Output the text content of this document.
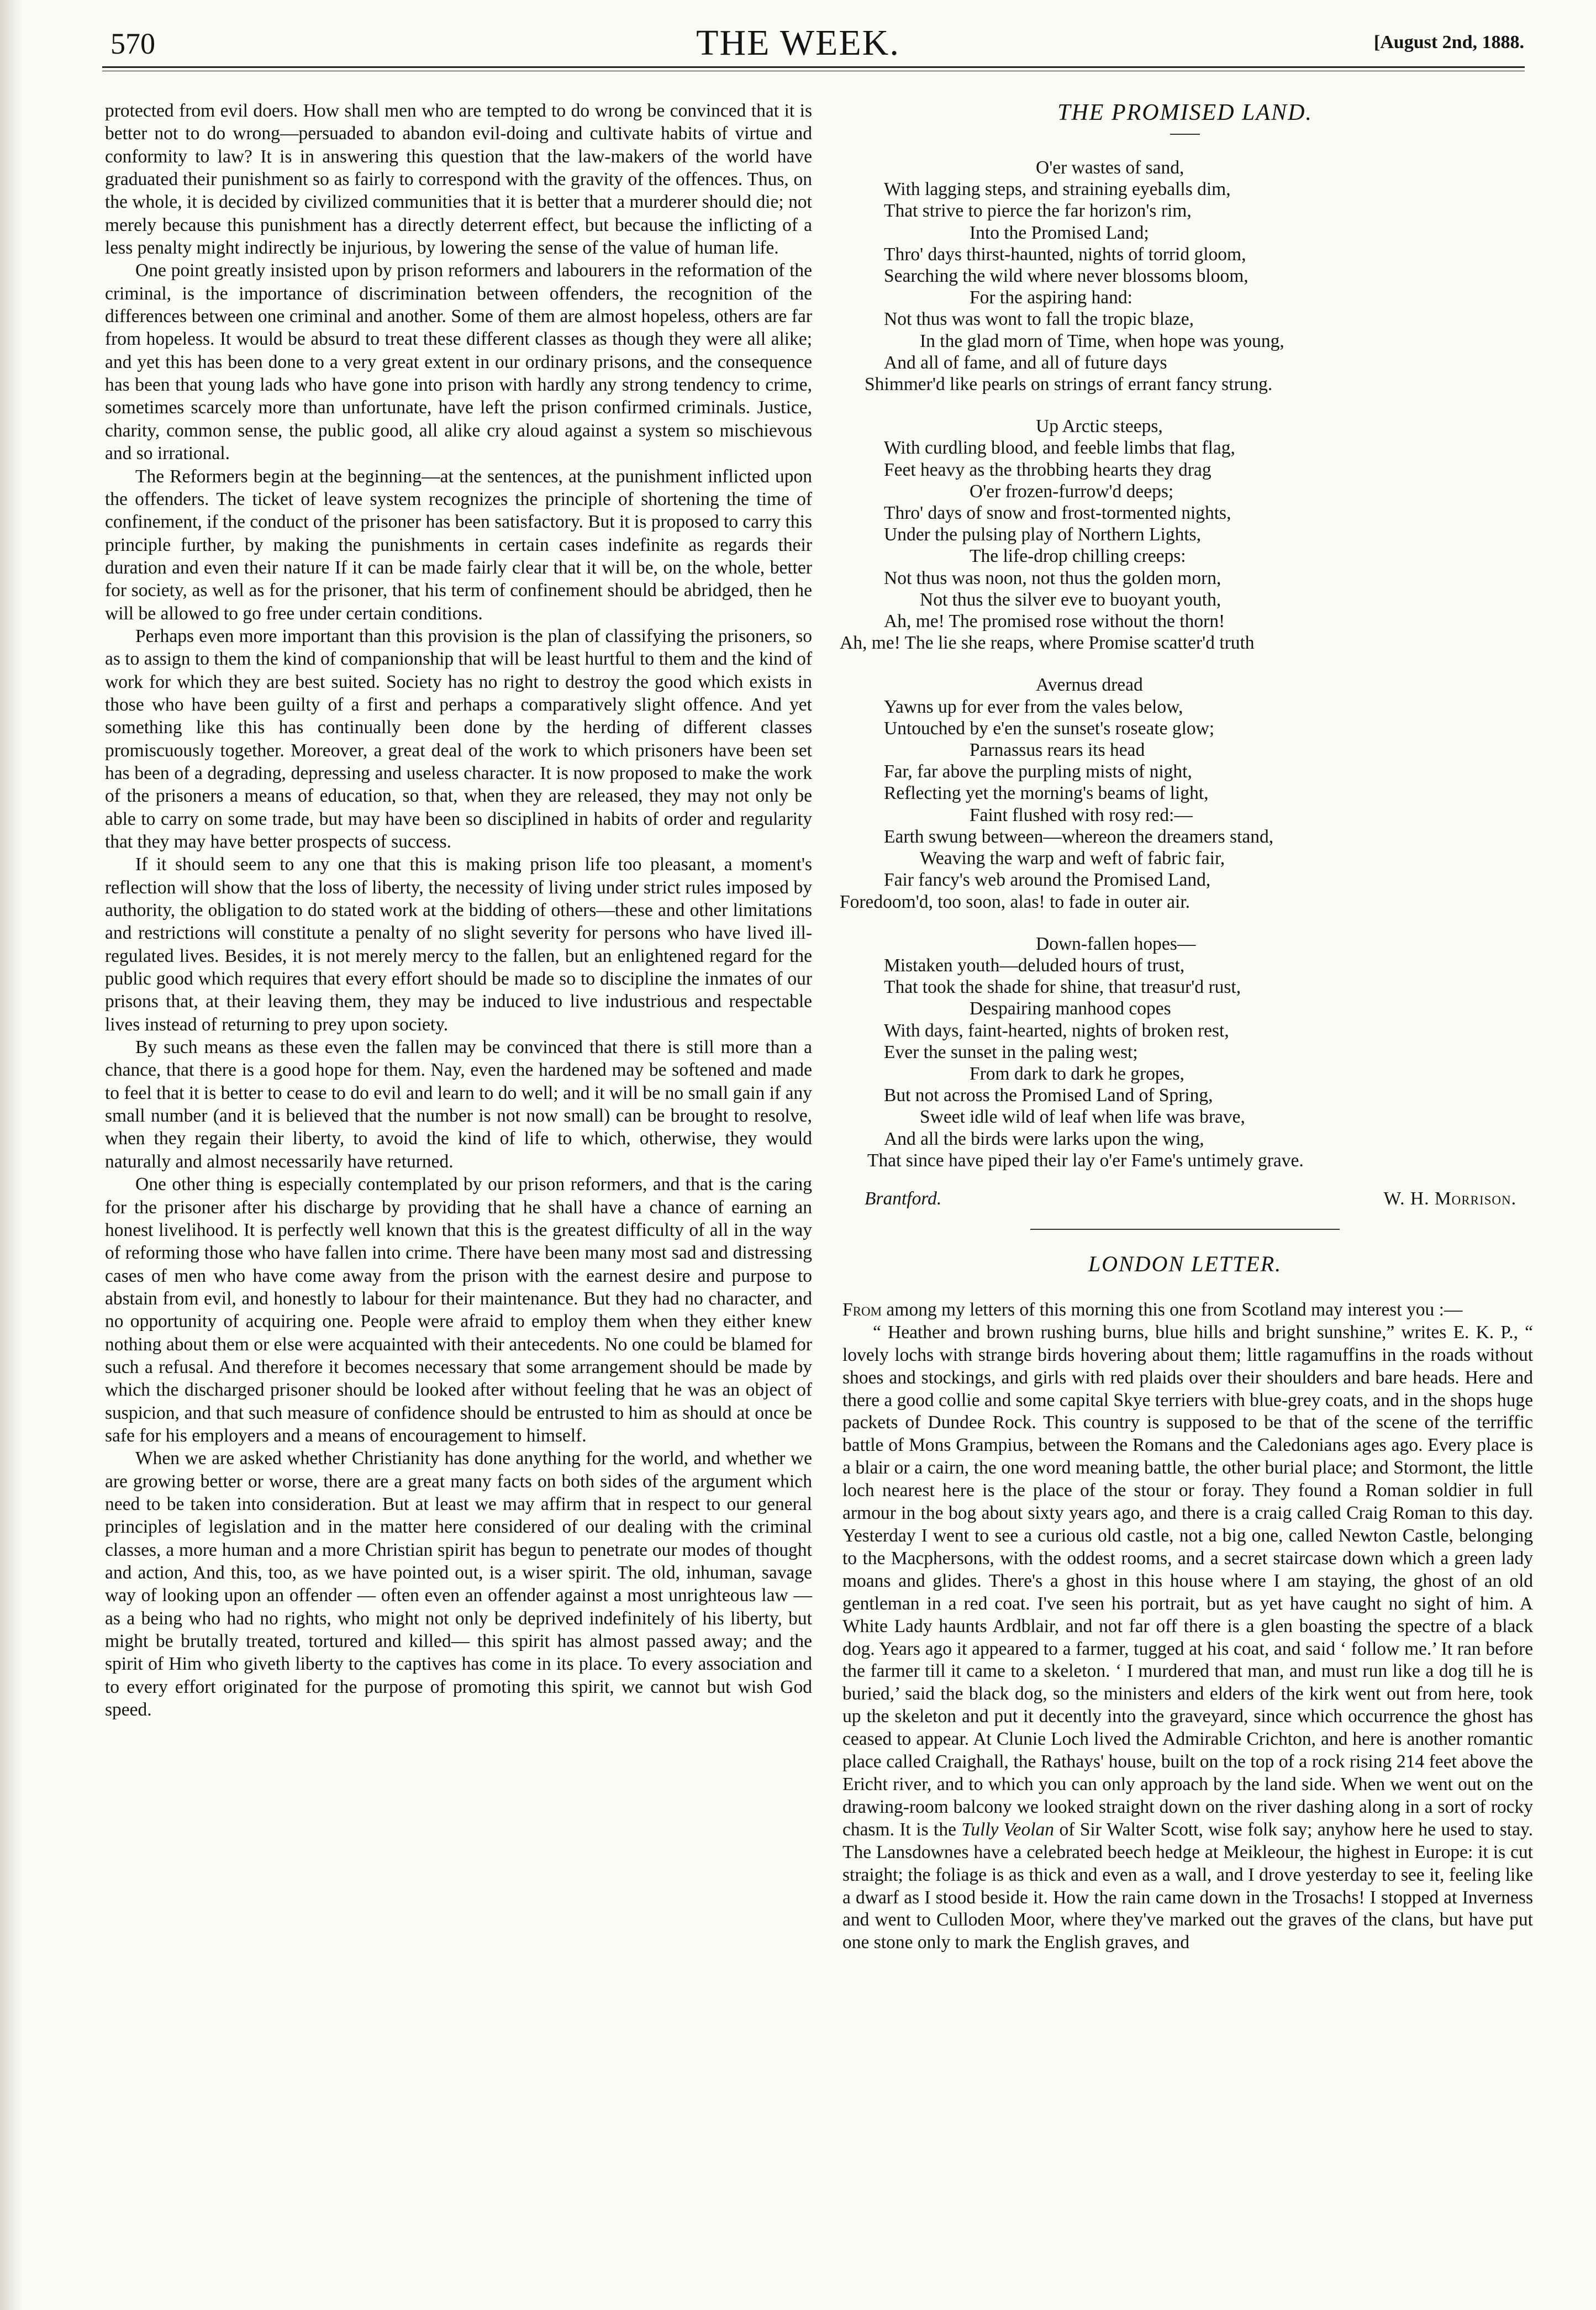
570	THE WEEK.	[August 2nd, 1888.

protected from evil doers. How shall men who are tempted to do wrong be convinced that it is better not to do wrong—persuaded to abandon evil-doing and cultivate habits of virtue and conformity to law? It is in answering this question that the law-makers of the world have graduated their punishment so as fairly to correspond with the gravity of the offences. Thus, on the whole, it is decided by civilized communities that it is better that a murderer should die; not merely because this punishment has a directly deterrent effect, but because the inflicting of a less penalty might indirectly be injurious, by lowering the sense of the value of human life.

One point greatly insisted upon by prison reformers and labourers in the reformation of the criminal, is the importance of discrimination between offenders, the recognition of the differences between one criminal and another. Some of them are almost hopeless, others are far from hopeless. It would be absurd to treat these different classes as though they were all alike; and yet this has been done to a very great extent in our ordinary prisons, and the consequence has been that young lads who have gone into prison with hardly any strong tendency to crime, sometimes scarcely more than unfortunate, have left the prison confirmed criminals. Justice, charity, common sense, the public good, all alike cry aloud against a system so mischievous and so irrational.

The Reformers begin at the beginning—at the sentences, at the punishment inflicted upon the offenders. The ticket of leave system recognizes the principle of shortening the time of confinement, if the conduct of the prisoner has been satisfactory. But it is proposed to carry this principle further, by making the punishments in certain cases indefinite as regards their duration and even their nature If it can be made fairly clear that it will be, on the whole, better for society, as well as for the prisoner, that his term of confinement should be abridged, then he will be allowed to go free under certain conditions.

Perhaps even more important than this provision is the plan of classifying the prisoners, so as to assign to them the kind of companionship that will be least hurtful to them and the kind of work for which they are best suited. Society has no right to destroy the good which exists in those who have been guilty of a first and perhaps a comparatively slight offence. And yet something like this has continually been done by the herding of different classes promiscuously together. Moreover, a great deal of the work to which prisoners have been set has been of a degrading, depressing and useless character. It is now proposed to make the work of the prisoners a means of education, so that, when they are released, they may not only be able to carry on some trade, but may have been so disciplined in habits of order and regularity that they may have better prospects of success.

If it should seem to any one that this is making prison life too pleasant, a moment's reflection will show that the loss of liberty, the necessity of living under strict rules imposed by authority, the obligation to do stated work at the bidding of others—these and other limitations and restrictions will constitute a penalty of no slight severity for persons who have lived ill-regulated lives. Besides, it is not merely mercy to the fallen, but an enlightened regard for the public good which requires that every effort should be made so to discipline the inmates of our prisons that, at their leaving them, they may be induced to live industrious and respectable lives instead of returning to prey upon society.

By such means as these even the fallen may be convinced that there is still more than a chance, that there is a good hope for them. Nay, even the hardened may be softened and made to feel that it is better to cease to do evil and learn to do well; and it will be no small gain if any small number (and it is believed that the number is not now small) can be brought to resolve, when they regain their liberty, to avoid the kind of life to which, otherwise, they would naturally and almost necessarily have returned.

One other thing is especially contemplated by our prison reformers, and that is the caring for the prisoner after his discharge by providing that he shall have a chance of earning an honest livelihood. It is perfectly well known that this is the greatest difficulty of all in the way of reforming those who have fallen into crime. There have been many most sad and distressing cases of men who have come away from the prison with the earnest desire and purpose to abstain from evil, and honestly to labour for their maintenance. But they had no character, and no opportunity of acquiring one. People were afraid to employ them when they either knew nothing about them or else were acquainted with their antecedents. No one could be blamed for such a refusal. And therefore it becomes necessary that some arrangement should be made by which the discharged prisoner should be looked after without feeling that he was an object of suspicion, and that such measure of confidence should be entrusted to him as should at once be safe for his employers and a means of encouragement to himself.

When we are asked whether Christianity has done anything for the world, and whether we are growing better or worse, there are a great many facts on both sides of the argument which need to be taken into consideration. But at least we may affirm that in respect to our general principles of legislation and in the matter here considered of our dealing with the criminal classes, a more human and a more Christian spirit has begun to penetrate our modes of thought and action, And this, too, as we have pointed out, is a wiser spirit. The old, inhuman, savage way of looking upon an offender — often even an offender against a most unrighteous law —as a being who had no rights, who might not only be deprived indefinitely of his liberty, but might be brutally treated, tortured and killed— this spirit has almost passed away; and the spirit of Him who giveth liberty to the captives has come in its place. To every association and to every effort originated for the purpose of promoting this spirit, we cannot but wish God speed.

THE PROMISED LAND.
O'er wastes of sand,
With lagging steps, and straining eyeballs dim,
That strive to pierce the far horizon's rim,
Into the Promised Land;
Thro' days thirst-haunted, nights of torrid gloom,
Searching the wild where never blossoms bloom,
For the aspiring hand:
Not thus was wont to fall the tropic blaze,
In the glad morn of Time, when hope was young,
And all of fame, and all of future days
Shimmer'd like pearls on strings of errant fancy strung.
Up Arctic steeps,
With curdling blood, and feeble limbs that flag,
Feet heavy as the throbbing hearts they drag
O'er frozen-furrow'd deeps;
Thro' days of snow and frost-tormented nights,
Under the pulsing play of Northern Lights,
The life-drop chilling creeps:
Not thus was noon, not thus the golden morn,
Not thus the silver eve to buoyant youth,
Ah, me! The promised rose without the thorn!
Ah, me! The lie she reaps, where Promise scatter'd truth
Avernus dread
Yawns up for ever from the vales below,
Untouched by e'en the sunset's roseate glow;
Parnassus rears its head
Far, far above the purpling mists of night,
Reflecting yet the morning's beams of light,
Faint flushed with rosy red:—
Earth swung between—whereon the dreamers stand,
Weaving the warp and weft of fabric fair,
Fair fancy's web around the Promised Land,
Foredoom'd, too soon, alas! to fade in outer air.
Down-fallen hopes—
Mistaken youth—deluded hours of trust,
That took the shade for shine, that treasur'd rust,
Despairing manhood copes
With days, faint-hearted, nights of broken rest,
Ever the sunset in the paling west;
From dark to dark he gropes,
But not across the Promised Land of Spring,
Sweet idle wild of leaf when life was brave,
And all the birds were larks upon the wing,
That since have piped their lay o'er Fame's untimely grave.
Brantford.	W. H. Morrison.
LONDON LETTER.

From among my letters of this morning this one from Scotland may interest you :—

“ Heather and brown rushing burns, blue hills and bright sunshine,” writes E. K. P., “ lovely lochs with strange birds hovering about them; little ragamuffins in the roads without shoes and stockings, and girls with red plaids over their shoulders and bare heads. Here and there a good collie and some capital Skye terriers with blue-grey coats, and in the shops huge packets of Dundee Rock. This country is supposed to be that of the scene of the terriffic battle of Mons Grampius, between the Romans and the Caledonians ages ago. Every place is a blair or a cairn, the one word meaning battle, the other burial place; and Stormont, the little loch nearest here is the place of the stour or foray. They found a Roman soldier in full armour in the bog about sixty years ago, and there is a craig called Craig Roman to this day. Yesterday I went to see a curious old castle, not a big one, called Newton Castle, belonging to the Macphersons, with the oddest rooms, and a secret staircase down which a green lady moans and glides. There's a ghost in this house where I am staying, the ghost of an old gentleman in a red coat. I've seen his portrait, but as yet have caught no sight of him. A White Lady haunts Ardblair, and not far off there is a glen boasting the spectre of a black dog. Years ago it appeared to a farmer, tugged at his coat, and said ‘ follow me.’ It ran before the farmer till it came to a skeleton. ‘ I murdered that man, and must run like a dog till he is buried,’ said the black dog, so the ministers and elders of the kirk went out from here, took up the skeleton and put it decently into the graveyard, since which occurrence the ghost has ceased to appear. At Clunie Loch lived the Admirable Crichton, and here is another romantic place called Craighall, the Rathays' house, built on the top of a rock rising 214 feet above the Ericht river, and to which you can only approach by the land side. When we went out on the drawing-room balcony we looked straight down on the river dashing along in a sort of rocky chasm. It is the Tully Veolan of Sir Walter Scott, wise folk say; anyhow here he used to stay. The Lansdownes have a celebrated beech hedge at Meikleour, the highest in Europe: it is cut straight; the foliage is as thick and even as a wall, and I drove yesterday to see it, feeling like a dwarf as I stood beside it. How the rain came down in the Trosachs! I stopped at Inverness and went to Culloden Moor, where they've marked out the graves of the clans, but have put one stone only to mark the English graves, and
